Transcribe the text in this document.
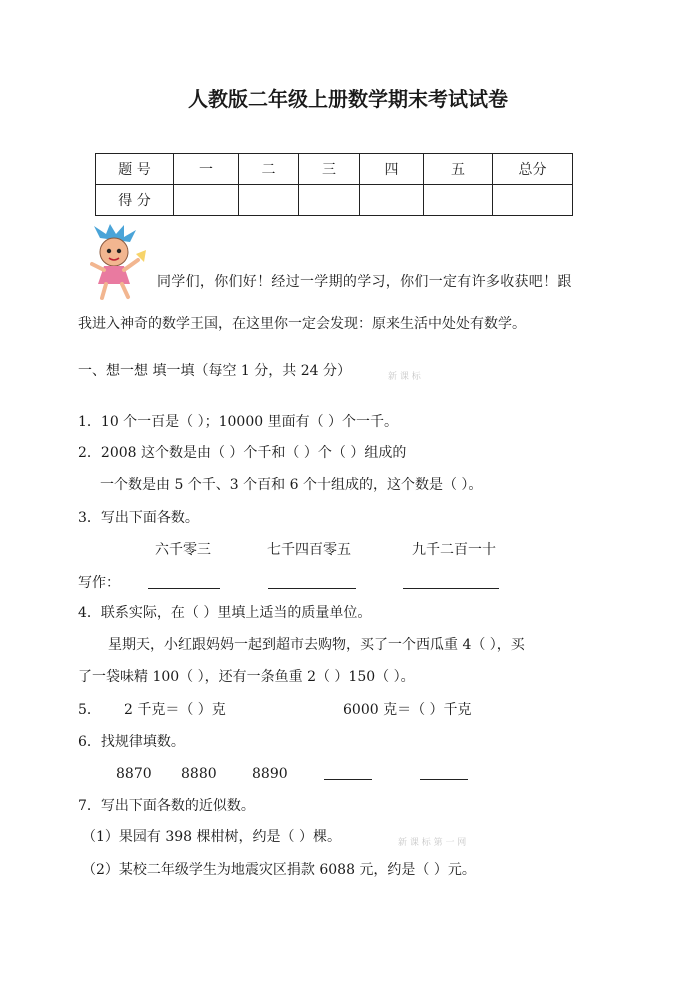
人教版二年级上册数学期末考试试卷
题 号	一	二	三	四	五	总分
得 分						
同学们，你们好！经过一学期的学习，你们一定有许多收获吧！跟
我进入神奇的数学王国，在这里你一定会发现：原来生活中处处有数学。
一、想一想 填一填（每空 1 分，共 24 分）	新 课 标
1．10 个一百是（ ）；10000 里面有（ ）个一千。
2．2008 这个数是由（ ）个千和（ ）个（ ）组成的
一个数是由 5 个千、3 个百和 6 个十组成的，这个数是（ ）。
3．写出下面各数。
六千零三	七千四百零五	九千二百一十
写作：
4．联系实际，在（ ）里填上适当的质量单位。
星期天，小红跟妈妈一起到超市去购物，买了一个西瓜重 4（ ），买
了一袋味精 100（ ），还有一条鱼重 2（ ）150（ ）。
5． 2 千克＝（ ）克	6000 克＝（ ）千克
6．找规律填数。
8870 8880	8890
7．写出下面各数的近似数。
（1）果园有 398 棵柑树，约是（ ）棵。	新 课 标 第 一 网
（2）某校二年级学生为地震灾区捐款 6088 元，约是（ ）元。
